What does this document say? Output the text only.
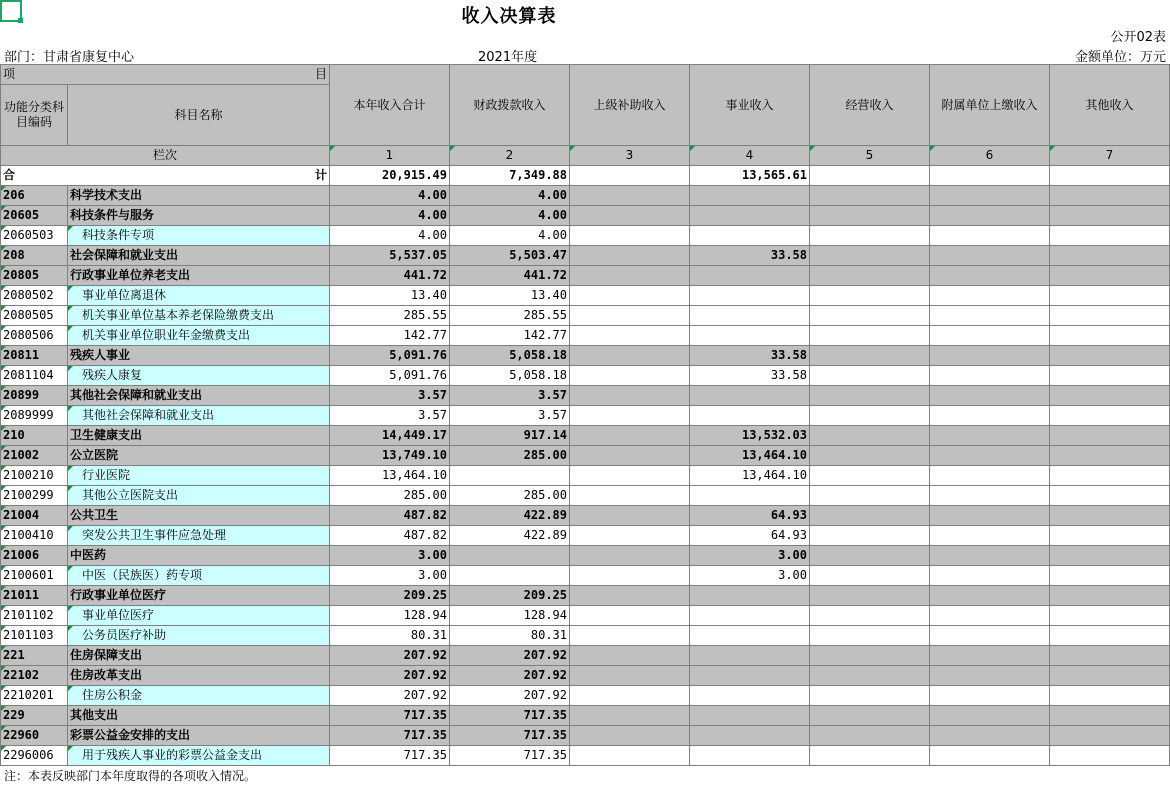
收入决算表
公开02表
部门：甘肃省康复中心	2021年度	金额单位：万元
项 目		本年收入合计	财政拨款收入	上级补助收入	事业收入	经营收入	附属单位上缴收入	其他收入
功能分类科目编码	科目名称							
栏次		1	2	3	4	5	6	7
合 计		20,915.49	7,349.88		13,565.61			
206	科学技术支出	4.00	4.00					
20605	科技条件与服务	4.00	4.00					
2060503	科技条件专项	4.00	4.00					
208	社会保障和就业支出	5,537.05	5,503.47		33.58			
20805	行政事业单位养老支出	441.72	441.72					
2080502	事业单位离退休	13.40	13.40					
2080505	机关事业单位基本养老保险缴费支出	285.55	285.55					
2080506	机关事业单位职业年金缴费支出	142.77	142.77					
20811	残疾人事业	5,091.76	5,058.18		33.58			
2081104	残疾人康复	5,091.76	5,058.18		33.58			
20899	其他社会保障和就业支出	3.57	3.57					
2089999	其他社会保障和就业支出	3.57	3.57					
210	卫生健康支出	14,449.17	917.14		13,532.03			
21002	公立医院	13,749.10	285.00		13,464.10			
2100210	行业医院	13,464.10			13,464.10			
2100299	其他公立医院支出	285.00	285.00					
21004	公共卫生	487.82	422.89		64.93			
2100410	突发公共卫生事件应急处理	487.82	422.89		64.93			
21006	中医药	3.00			3.00			
2100601	中医（民族医）药专项	3.00			3.00			
21011	行政事业单位医疗	209.25	209.25					
2101102	事业单位医疗	128.94	128.94					
2101103	公务员医疗补助	80.31	80.31					
221	住房保障支出	207.92	207.92					
22102	住房改革支出	207.92	207.92					
2210201	住房公积金	207.92	207.92					
229	其他支出	717.35	717.35					
22960	彩票公益金安排的支出	717.35	717.35					
2296006	用于残疾人事业的彩票公益金支出	717.35	717.35					
注：本表反映部门本年度取得的各项收入情况。
